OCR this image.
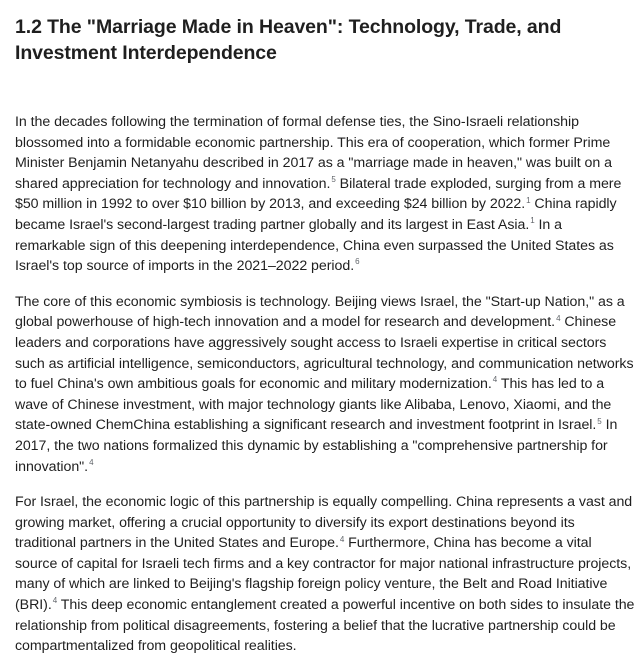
1.2 The "Marriage Made in Heaven": Technology, Trade, and Investment Interdependence

In the decades following the termination of formal defense ties, the Sino-Israeli relationship blossomed into a formidable economic partnership. This era of cooperation, which former Prime Minister Benjamin Netanyahu described in 2017 as a "marriage made in heaven," was built on a shared appreciation for technology and innovation.$^5$ Bilateral trade exploded, surging from a mere $50 million in 1992 to over $10 billion by 2013, and exceeding $24 billion by 2022.$^1$ China rapidly became Israel's second-largest trading partner globally and its largest in East Asia.$^1$ In a remarkable sign of this deepening interdependence, China even surpassed the United States as Israel's top source of imports in the 2021–2022 period.$^6$

The core of this economic symbiosis is technology. Beijing views Israel, the "Start-up Nation," as a global powerhouse of high-tech innovation and a model for research and development.$^4$ Chinese leaders and corporations have aggressively sought access to Israeli expertise in critical sectors such as artificial intelligence, semiconductors, agricultural technology, and communication networks to fuel China's own ambitious goals for economic and military modernization.$^4$ This has led to a wave of Chinese investment, with major technology giants like Alibaba, Lenovo, Xiaomi, and the state-owned ChemChina establishing a significant research and investment footprint in Israel.$^5$ In 2017, the two nations formalized this dynamic by establishing a "comprehensive partnership for innovation".$^4$

For Israel, the economic logic of this partnership is equally compelling. China represents a vast and growing market, offering a crucial opportunity to diversify its export destinations beyond its traditional partners in the United States and Europe.$^4$ Furthermore, China has become a vital source of capital for Israeli tech firms and a key contractor for major national infrastructure projects, many of which are linked to Beijing's flagship foreign policy venture, the Belt and Road Initiative (BRI).$^4$ This deep economic entanglement created a powerful incentive on both sides to insulate the relationship from political disagreements, fostering a belief that the lucrative partnership could be compartmentalized from geopolitical realities.
